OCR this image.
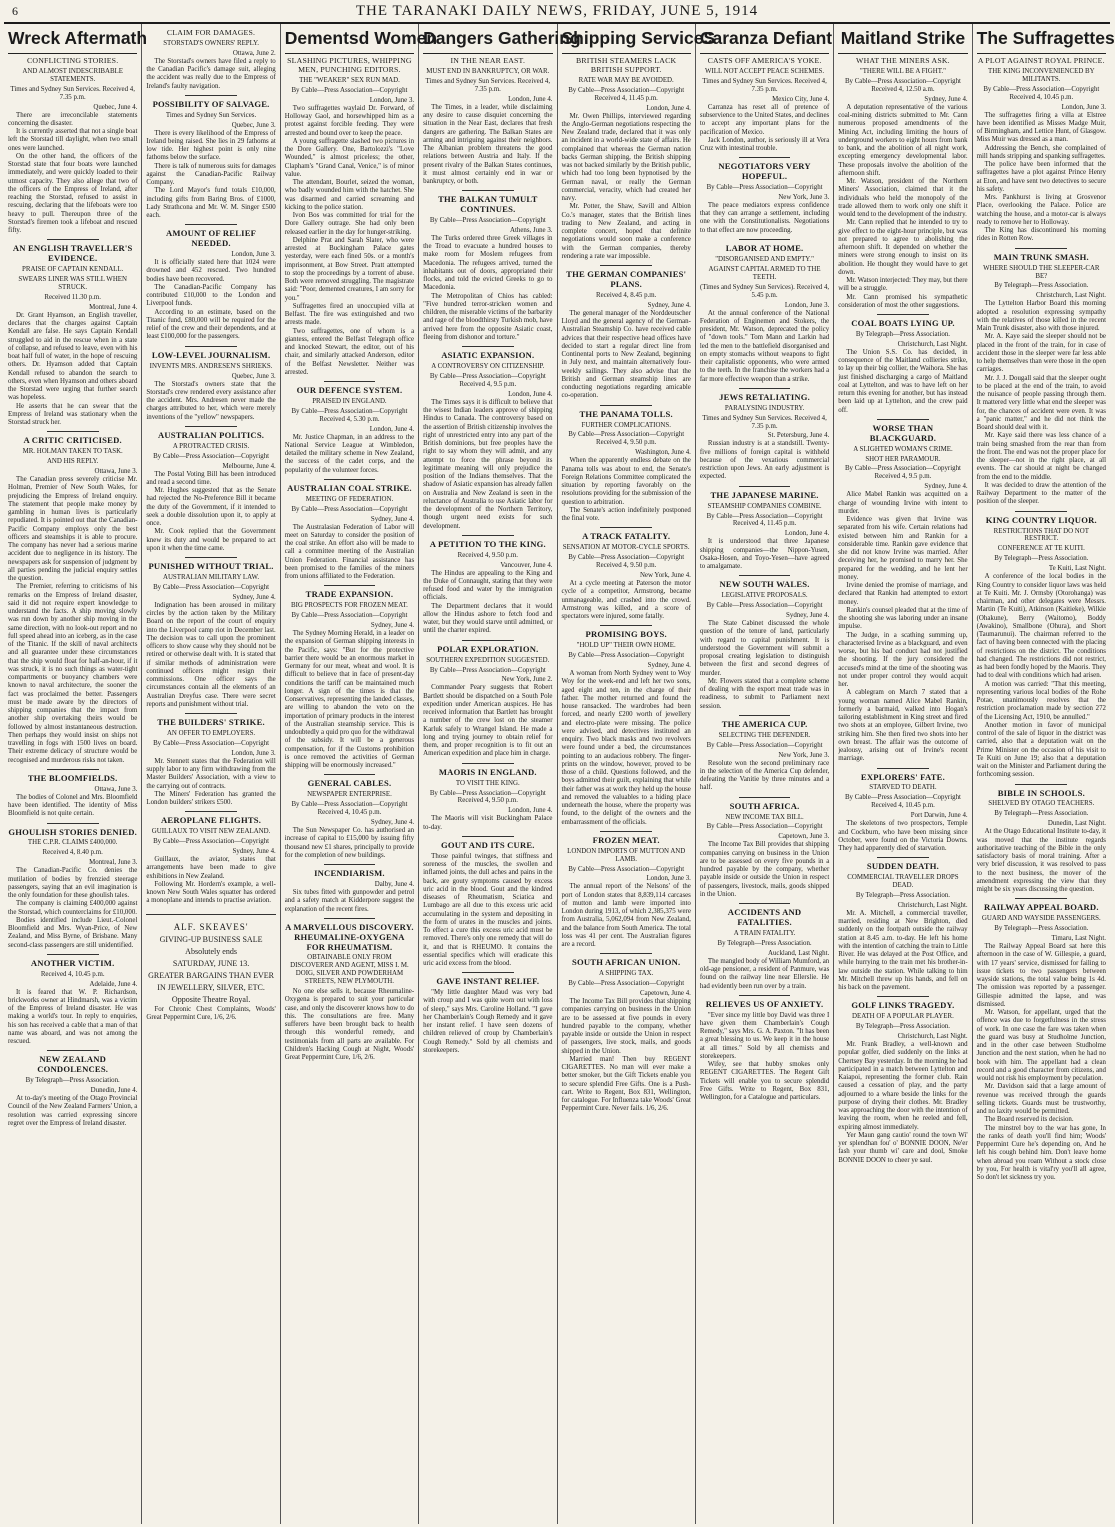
6	THE TARANAKI DAILY NEWS, FRIDAY, JUNE 5, 1914
Wreck Aftermath
CONFLICTING STORIES.
AND ALMOST INDESCRIBABLE STATEMENTS.
Times and Sydney Sun Services. Received 4, 7.35 p.m.
Quebec, June 4.

There are irreconcilable statements concerning the disaster.

It is currently asserted that not a single boat left the Storstad till daylight, when two small ones were launched.

On the other hand, the officers of the Storstad state that four boats were launched immediately, and were quickly loaded to their utmost capacity. They also allege that two of the officers of the Empress of Ireland, after reaching the Storstad, refused to assist in rescuing, declaring that the lifeboats were too heavy to pull. Thereupon three of the Storstad's firemen took a lifeboat and rescued fifty.

AN ENGLISH TRAVELLER'S EVIDENCE.
PRAISE OF CAPTAIN KENDALL.
SWEARS LINER WAS STILL WHEN STRUCK.
Received 11.30 p.m.
Montreal, June 4.

Dr. Grant Hyamson, an English traveller, declares that the charges against Captain Kendall are false. He says Captain Kendall struggled to aid in the rescue when in a state of collapse, and refused to leave, even with his boat half full of water, in the hope of rescuing others. Dr. Hyamson added that Captain Kendall refused to abandon the search to others, even when Hyamson and others aboard the Storstad were urging that further search was hopeless.

He asserts that he can swear that the Empress of Ireland was stationary when the Storstad struck her.

A CRITIC CRITICISED.
MR. HOLMAN TAKEN TO TASK.
AND HIS REPLY.
Ottawa, June 3.

The Canadian press severely criticise Mr. Holman, Premier of New South Wales, for prejudicing the Empress of Ireland enquiry. The statement that people make money by gambling in human lives is particularly repudiated. It is pointed out that the Canadian-Pacific Company employs only the best officers and steamships it is able to procure. The company has never had a serious marine accident due to negligence in its history. The newspapers ask for suspension of judgment by all parties pending the judicial enquiry settles the question.

The Premier, referring to criticisms of his remarks on the Empress of Ireland disaster, said it did not require expert knowledge to understand the facts. A ship moving slowly was run down by another ship moving in the same direction, with no look-out report and no full speed ahead into an iceberg, as in the case of the Titanic. If the skill of naval architects and all guarantee under these circumstances that the ship would float for half-an-hour, if it was struck, it is no such things as water-tight compartments or buoyancy chambers were known to naval architecture, the sooner the fact was proclaimed the better. Passengers must be made aware by the directors of shipping companies that the impact from another ship overtaking theirs would be followed by almost instantaneous destruction. Then perhaps they would insist on ships not travelling in fogs with 1500 lives on board. Their extreme delicacy of structure would be recognised and murderous risks not taken.

THE BLOOMFIELDS.
Ottawa, June 3.

The bodies of Colonel and Mrs. Bloomfield have been identified. The identity of Miss Bloomfield is not quite certain.

GHOULISH STORIES DENIED.
THE C.P.R. CLAIMS £400,000.
Received 4, 8.40 p.m.
Montreal, June 3.

The Canadian-Pacific Co. denies the mutilation of bodies by frenzied steerage passengers, saying that an evil imagination is the only foundation for these ghoulish tales.

The company is claiming £400,000 against the Storstad, which counterclaims for £10,000.

Bodies identified include Lieut.-Colonel Bloomfield and Mrs. Wyan-Price, of New Zealand, and Miss Byrne, of Brisbane. Many second-class passengers are still unidentified.

ANOTHER VICTIM.
Received 4, 10.45 p.m.
Adelaide, June 4.

It is feared that W. P. Richardson, brickworks owner at Hindmarsh, was a victim of the Empress of Ireland disaster. He was making a world's tour. In reply to enquiries, his son has received a cable that a man of that name was aboard, and was not among the rescued.

NEW ZEALAND CONDOLENCES.
By Telegraph—Press Association.
Dunedin, June 4.

At to-day's meeting of the Otago Provincial Council of the New Zealand Farmers' Union, a resolution was carried expressing sincere regret over the Empress of Ireland disaster.

CLAIM FOR DAMAGES.
STORSTAD'S OWNERS' REPLY.
Ottawa, June 2.

The Storstad's owners have filed a reply to the Canadian Pacific's damage suit, alleging the accident was really due to the Empress of Ireland's faulty navigation.

POSSIBILITY OF SALVAGE.
Times and Sydney Sun Services.
Quebec, June 3.

There is every likelihood of the Empress of Ireland being raised. She lies in 29 fathoms at low tide. Her highest point is only nine fathoms below the surface.

There is talk of numerous suits for damages against the Canadian-Pacific Railway Company.

The Lord Mayor's fund totals £10,000, including gifts from Baring Bros. of £1000, Lady Strathcona and Mr. W. M. Singer £500 each.

AMOUNT OF RELIEF NEEDED.
London, June 3.

It is officially stated here that 1024 were drowned and 452 rescued. Two hundred bodies have been recovered.

The Canadian-Pacific Company has contributed £10,000 to the London and Liverpool funds.

According to an estimate, based on the Titanic fund, £80,000 will be required for the relief of the crew and their dependents, and at least £100,000 for the passengers.

LOW-LEVEL JOURNALISM.
INVENTS MRS. ANDRESEN'S SHRIEKS.
Quebec, June 3.

The Storstad's owners state that the Storstad's crew rendered every assistance after the accident. Mrs. Andresen never made the charges attributed to her, which were merely inventions of the "yellow" newspapers.

AUSTRALIAN POLITICS.
A PROTRACTED CRISIS.
By Cable—Press Association—Copyright
Melbourne, June 4.

The Postal Voting Bill has been introduced and read a second time.

Mr. Hughes suggested that as the Senate had rejected the No-Preference Bill it became the duty of the Government, if it intended to seek a double dissolution upon it, to apply at once.

Mr. Cook replied that the Government knew its duty and would be prepared to act upon it when the time came.

PUNISHED WITHOUT TRIAL.
AUSTRALIAN MILITARY LAW.
By Cable—Press Association—Copyright
Sydney, June 4.

Indignation has been aroused in military circles by the action taken by the Military Board on the report of the court of enquiry into the Liverpool camp riot in December last. The decision was to call upon the prominent officers to show cause why they should not be retired or otherwise dealt with. It is stated that if similar methods of administration were continued officers might resign their commissions. One officer says the circumstances contain all the elements of an Australian Dreyfus case. There were secret reports and punishment without trial.

THE BUILDERS' STRIKE.
AN OFFER TO EMPLOYERS.
By Cable—Press Association—Copyright
London, June 3.

Mr. Stennett states that the Federation will supply labor to any firm withdrawing from the Master Builders' Association, with a view to the carrying out of contracts.

The Miners' Federation has granted the London builders' strikers £500.

AEROPLANE FLIGHTS.
GUILLAUX TO VISIT NEW ZEALAND.
By Cable—Press Association—Copyright
Sydney, June 4.

Guillaux, the aviator, states that arrangements have been made to give exhibitions in New Zealand.

Following Mr. Hordern's example, a well-known New South Wales squatter has ordered a monoplane and intends to practise aviation.

ALF. SKEAVES'
GIVING-UP BUSINESS SALE
Absolutely ends
SATURDAY, JUNE 13.
GREATER BARGAINS THAN EVER IN JEWELLERY, SILVER, ETC.
Opposite Theatre Royal.
For Chronic Chest Complaints, Woods' Great Peppermint Cure, 1/6, 2/6.
Dementsd Women
SLASHING PICTURES, WHIPPING MEN, PUNCHING EDITORS.
THE "WEAKER" SEX RUN MAD.
By Cable—Press Association—Copyright
London, June 3.

Two suffragettes waylaid Dr. Forward, of Holloway Gaol, and horsewhipped him as a protest against forcible feeding. They were arrested and bound over to keep the peace.

A young suffragette slashed two pictures in the Dore Gallery. One, Bartolozzi's "Love Wounded," is almost priceless; the other, Clapham's "Grand Canal, Venice," is of minor value.

The attendant, Bourlet, seized the woman, who badly wounded him with the hatchet. She was disarmed and carried screaming and kicking to the police station.

Ivon Bos was committed for trial for the Dore Gallery outrage. She had only been released earlier in the day for hunger-striking.

Delphine Prat and Sarah Slater, who were arrested at Buckingham Palace gates yesterday, were each fined 50s. or a month's imprisonment, at Bow Street. Pratt attempted to stop the proceedings by a torrent of abuse. Both were removed struggling. The magistrate said: "Poor, demented creatures, I am sorry for you."

Suffragettes fired an unoccupied villa at Belfast. The fire was extinguished and two arrests made.

Two suffragettes, one of whom is a giantess, entered the Belfast Telegraph office and knocked Stewart, the editor, out of his chair, and similarly attacked Anderson, editor of the Belfast Newsletter. Neither was arrested.

OUR DEFENCE SYSTEM.
PRAISED IN ENGLAND.
By Cable—Press Association—Copyright Received 4, 5.30 p.m.
London, June 4.

Mr. Justice Chapman, in an address to the National Service League at Wimbledon, detailed the military scheme in New Zealand, the success of the cadet corps, and the popularity of the volunteer forces.

AUSTRALIAN COAL STRIKE.
MEETING OF FEDERATION.
By Cable—Press Association—Copyright
Sydney, June 4.

The Australasian Federation of Labor will meet on Saturday to consider the position of the coal strike. An effort also will be made to call a committee meeting of the Australian Union Federation. Financial assistance has been promised to the families of the miners from unions affiliated to the Federation.

TRADE EXPANSION.
BIG PROSPECTS FOR FROZEN MEAT.
By Cable—Press Association—Copyright
Sydney, June 4.

The Sydney Morning Herald, in a leader on the expansion of German shipping interests in the Pacific, says: "But for the protective barrier there would be an enormous market in Germany for our meat, wheat and wool. It is difficult to believe that in face of present-day conditions the tariff can be maintained much longer. A sign of the times is that the Conservatives, representing the landed classes, are willing to abandon the veto on the importation of primary products in the interest of the Australian steamship service. This is undoubtedly a quid pro quo for the withdrawal of the subsidy. It will be a generous compensation, for if the Customs prohibition is once removed the activities of German shipping will be enormously increased."

GENERAL CABLES.
NEWSPAPER ENTERPRISE.
By Cable—Press Association—Copyright Received 4, 10.45 p.m.
Sydney, June 4.

The Sun Newspaper Co. has authorised an increase of capital to £15,000 by issuing fifty thousand new £1 shares, principally to provide for the completion of new buildings.

INCENDIARISM.
Dalby, June 4.

Six tubes fitted with gunpowder and petrol and a safety match at Kidderpore suggest the explanation of the recent fires.

A MARVELLOUS DISCOVERY. RHEUMALINE-OXYGENA FOR RHEUMATISM.
OBTAINABLE ONLY FROM DISCOVERER AND AGENT, MISS I. M. DOIG, SILVER AND POWDERHAM STREETS, NEW PLYMOUTH.

No one else sells it, because Rheumaline-Oxygena is prepared to suit your particular case, and only the discoverer knows how to do this. The consultations are free. Many sufferers have been brought back to health through this wonderful remedy, and testimonials from all parts are available. For Children's Hacking Cough at Night, Woods' Great Peppermint Cure, 1/6, 2/6.

Dangers Gathering
IN THE NEAR EAST.
MUST END IN BANKRUPTCY, OR WAR.
Times and Sydney Sun Services. Received 4, 7.35 p.m.
London, June 4.

The Times, in a leader, while disclaiming any desire to cause disquiet concerning the situation in the Near East, declares that fresh dangers are gathering. The Balkan States are arming and intriguing against their neighbors. The Albanian problem threatens the good relations between Austria and Italy. If the present rivalry of the Balkan States continues, it must almost certainly end in war or bankruptcy, or both.

THE BALKAN TUMULT CONTINUES.
By Cable—Press Association—Copyright
Athens, June 3.

The Turks ordered three Greek villages in the Troad to evacuate a hundred houses to make room for Moslem refugees from Macedonia. The refugees arrived, turned the inhabitants out of doors, appropriated their flocks, and told the evicted Greeks to go to Macedonia.

The Metropolitan of Chios has cabled: "Five hundred terror-stricken women and children, the miserable victims of the barbarity and rage of the bloodthirsty Turkish mob, have arrived here from the opposite Asiatic coast, fleeing from dishonor and torture."

ASIATIC EXPANSION.
A CONTROVERSY ON CITIZENSHIP.
By Cable—Press Association—Copyright Received 4, 9.5 p.m.
London, June 4.

The Times says it is difficult to believe that the wisest Indian leaders approve of shipping Hindus to Canada. The controversy based on the assertion of British citizenship involves the right of unrestricted entry into any part of the British dominions, but free peoples have the right to say whom they will admit, and any attempt to force the phrase beyond its legitimate meaning will only prejudice the position of the Indians themselves. That the shadow of Asiatic expansion has already fallen on Australia and New Zealand is seen in the reluctance of Australia to use Asiatic labor for the development of the Northern Territory, though urgent need exists for such development.

A PETITION TO THE KING.
Received 4, 9.50 p.m.
Vancouver, June 4.

The Hindus are appealing to the King and the Duke of Connaught, stating that they were refused food and water by the immigration officials.

The Department declares that it would allow the Hindus ashore to fetch food and water, but they would starve until admitted, or until the charter expired.

POLAR EXPLORATION.
SOUTHERN EXPEDITION SUGGESTED.
By Cable—Press Association—Copyright
New York, June 2.

Commander Peary suggests that Robert Bartlett should be dispatched on a South Pole expedition under American auspices. He has received information that Bartlett has brought a number of the crew lost on the steamer Karluk safely to Wrangel Island. He made a long and trying journey to obtain relief for them, and proper recognition is to fit out an American expedition and place him in charge.

MAORIS IN ENGLAND.
TO VISIT THE KING.
By Cable—Press Association—Copyright Received 4, 9.50 p.m.
London, June 4.

The Maoris will visit Buckingham Palace to-day.

GOUT AND ITS CURE.

Those painful twinges, that stiffness and soreness of the muscles, the swollen and inflamed joints, the dull aches and pains in the back, are gouty symptoms caused by excess uric acid in the blood. Gout and the kindred diseases of Rheumatism, Sciatica and Lumbago are all due to this excess uric acid accumulating in the system and depositing in the form of urates in the muscles and joints. To effect a cure this excess uric acid must be removed. There's only one remedy that will do it, and that is RHEUMO. It contains the essential specifics which will eradicate this uric acid excess from the blood.

GAVE INSTANT RELIEF.

"My little daughter Maud was very bad with croup and I was quite worn out with loss of sleep," says Mrs. Caroline Holland. "I gave her Chamberlain's Cough Remedy and it gave her instant relief. I have seen dozens of children relieved of croup by Chamberlain's Cough Remedy." Sold by all chemists and storekeepers.

Shipping ServiceS
BRITISH STEAMERS LACK BRITISH SUPPORT.
RATE WAR MAY BE AVOIDED.
By Cable—Press Association—Copyright Received 4, 11.45 p.m.
London, June 4.

Mr. Owen Phillips, interviewed regarding the Anglo-German negotiations respecting the New Zealand trade, declared that it was only an incident in a world-wide state of affairs. He complained that whereas the German nation backs German shipping, the British shipping was not backed similarly by the British public, which had too long been hypnotised by the German naval, or really the German commercial, veracity, which had created her navy.

Mr. Potter, the Shaw, Savill and Albion Co.'s manager, states that the British lines trading to New Zealand, and acting in complete concert, hoped that definite negotiations would soon make a conference with the German companies, thereby rendering a rate war impossible.

THE GERMAN COMPANIES' PLANS.
Received 4, 8.45 p.m.
Sydney, June 4.

The general manager of the Norddeutscher Lloyd and the general agency of the German-Australian Steamship Co. have received cable advices that their respective head offices have decided to start a regular direct line from Continental ports to New Zealand, beginning in July next, and maintain alternatively four-weekly sailings. They also advise that the British and German steamship lines are conducting negotiations regarding amicable co-operation.

THE PANAMA TOLLS.
FURTHER COMPLICATIONS.
By Cable—Press Association—Copyright Received 4, 9.50 p.m.
Washington, June 4.

When the apparently endless debate on the Panama tolls was about to end, the Senate's Foreign Relations Committee complicated the situation by reporting favorably on the resolutions providing for the submission of the question to arbitration.

The Senate's action indefinitely postponed the final vote.

A TRACK FATALITY.
SENSATION AT MOTOR-CYCLE SPORTS.
By Cable—Press Association—Copyright Received 4, 9.50 p.m.
New York, June 4.

At a cycle meeting at Paterson the motor cycle of a competitor, Armstrong, became unmanageable, and crashed into the crowd. Armstrong was killed, and a score of spectators were injured, some fatally.

PROMISING BOYS.
"HOLD UP" THEIR OWN HOME.
By Cable—Press Association—Copyright
Sydney, June 4.

A woman from North Sydney went to Woy Woy for the week-end and left her two sons, aged eight and ten, in the charge of their father. The mother returned and found the house ransacked. The wardrobes had been forced, and nearly £200 worth of jewellery and electro-plate were missing. The police were advised, and detectives instituted an enquiry. Two black masks and two revolvers were found under a bed, the circumstances pointing to an audacious robbery. The finger-prints on the window, however, proved to be those of a child. Questions followed, and the boys admitted their guilt, explaining that while their father was at work they held up the house and removed the valuables to a hiding place underneath the house, where the property was found, to the delight of the owners and the embarrassment of the officials.

FROZEN MEAT.
LONDON IMPORTS OF MUTTON AND LAMB.
By Cable—Press Association—Copyright
London, June 3.

The annual report of the Nelsons' of the port of London states that 8,839,114 carcases of mutton and lamb were imported into London during 1913, of which 2,385,375 were from Australia, 5,062,094 from New Zealand, and the balance from South America. The total loss was 41 per cent. The Australian figures are a record.

SOUTH AFRICAN UNION.
A SHIPPING TAX.
By Cable—Press Association—Copyright
Capetown, June 4.

The Income Tax Bill provides that shipping companies carrying on business in the Union are to be assessed at five pounds in every hundred payable to the company, whether payable inside or outside the Union in respect of passengers, live stock, mails, and goods shipped in the Union.

Married man! Then buy REGENT CIGARETTES. No man will ever make a better smoker, but the Gift Tickets enable you to secure splendid Free Gifts. One is a Push-cart. Write to Regent, Box 831, Wellington, for catalogue. For Influenza take Woods' Great Peppermint Cure. Never fails. 1/6, 2/6.

Caranza Defiant
CASTS OFF AMERICA'S YOKE.
WILL NOT ACCEPT PEACE SCHEMES.
Times and Sydney Sun Services. Received 4, 7.35 p.m.
Mexico City, June 4.

Carranza has reset all of pretence of subservience to the United States, and declines to accept any important plans for the pacification of Mexico.

Jack London, author, is seriously ill at Vera Cruz with intestinal trouble.

NEGOTIATORS VERY HOPEFUL.
By Cable—Press Association—Copyright
New York, June 3.

The peace mediators express confidence that they can arrange a settlement, including one with the Constitutionalists. Negotiations to that effect are now proceeding.

LABOR AT HOME.
"DISORGANISED AND EMPTY."
AGAINST CAPITAL ARMED TO THE TEETH.
(Times and Sydney Sun Services). Received 4, 5.45 p.m.
London, June 3.

At the annual conference of the National Federation of Enginemen and Stokers, the president, Mr. Watson, deprecated the policy of "down tools." Tom Mann and Larkin had led the men to the battlefield disorganised and on empty stomachs without weapons to fight their capitalistic opponents, who were armed to the teeth. In the franchise the workers had a far more effective weapon than a strike.

JEWS RETALIATING.
PARALYSING INDUSTRY.
Times and Sydney Sun Services. Received 4, 7.35 p.m.
St. Petersburg, June 4.

Russian industry is at a standstill. Twenty-five millions of foreign capital is withheld because of the vexatious commercial restriction upon Jews. An early adjustment is expected.

THE JAPANESE MARINE.
STEAMSHIP COMPANIES COMBINE.
By Cable—Press Association—Copyright Received 4, 11.45 p.m.
London, June 4.

It is understood that three Japanese shipping companies—the Nippon-Yusen, Osaka-Hosen, and Toyo-Yesen—have agreed to amalgamate.

NEW SOUTH WALES.
LEGISLATIVE PROPOSALS.
By Cable—Press Association—Copyright
Sydney, June 4.

The State Cabinet discussed the whole question of the tenure of land, particularly with regard to capital punishment. It is understood the Government will submit a proposal creating legislation to distinguish between the first and second degrees of murder.

Mr. Flowers stated that a complete scheme of dealing with the export meat trade was in readiness, to submit to Parliament next session.

THE AMERICA CUP.
SELECTING THE DEFENDER.
By Cable—Press Association—Copyright
New York, June 3.

Resolute won the second preliminary race in the selection of the America Cup defender, defeating the Vanitie by three minutes and a half.

SOUTH AFRICA.
NEW INCOME TAX BILL.
By Cable—Press Association—Copyright
Capetown, June 3.

The Income Tax Bill provides that shipping companies carrying on business in the Union are to be assessed on every five pounds in a hundred payable by the company, whether payable inside or outside the Union in respect of passengers, livestock, mails, goods shipped in the Union.

ACCIDENTS AND FATALITIES.
A TRAIN FATALITY.
By Telegraph—Press Association.
Auckland, Last Night.

The mangled body of William Mumford, an old-age pensioner, a resident of Panmure, was found on the railway line near Ellerslie. He had evidently been run over by a train.

RELIEVES US OF ANXIETY.

"Ever since my little boy David was three I have given them Chamberlain's Cough Remedy," says Mrs. G. A. Paxton. "It has been a great blessing to us. We keep it in the house at all times." Sold by all chemists and storekeepers.

Wifey, see that hubby smokes only REGENT CIGARETTES. The Regent Gift Tickets will enable you to secure splendid Free Gifts. Write to Regent, Box 831, Wellington, for a Catalogue and particulars.

Maitland Strike
WHAT THE MINERS ASK.
"THERE WILL BE A FIGHT."
By Cable—Press Association—Copyright Received 4, 12.50 a.m.
Sydney, June 4.

A deputation representative of the various coal-mining districts submitted to Mr. Cann numerous proposed amendments of the Mining Act, including limiting the hours of underground workers to eight hours from bank to bank, and the abolition of all night work, excepting emergency developmental labor. These proposals involve the abolition of the afternoon shift.

Mr. Watson, president of the Northern Miners' Association, claimed that it the individuals who held the monopoly of the trade allowed them to work only one shift it would tend to the development of the industry.

Mr. Cann replied that he intended to try to give effect to the eight-hour principle, but was not prepared to agree to abolishing the afternoon shift. It depended on whether the miners were strong enough to insist on its abolition. He thought they would have to get down.

Mr. Watson interjected: They may, but there will be a struggle.

Mr. Cann promised his sympathetic consideration of most the other suggestions.

COAL BOATS LYING UP.
By Telegraph—Press Association.
Christchurch, Last Night.

The Union S.S. Co. has decided, in consequence of the Maitland collieries strike, to lay up their big collier, the Waihora. She has just finished discharging a cargo of Maitland coal at Lyttelton, and was to have left on her return this evening for another, but has instead been laid up at Lyttelton, and the crew paid off.

WORSE THAN BLACKGUARD.
A SLIGHTED WOMAN'S CRIME.
SHOT HER PARAMOUR.
By Cable—Press Association—Copyright Received 4, 9.5 p.m.
Sydney, June 4.

Alice Mabel Rankin was acquitted on a charge of wounding Irvine with intent to murder.

Evidence was given that Irvine was separated from his wife. Certain relations had existed between him and Rankin for a considerable time. Rankin gave evidence that she did not know Irvine was married. After deceiving her, he promised to marry her. She prepared for the wedding, and he lent her money.

Irvine denied the promise of marriage, and declared that Rankin had attempted to extort money.

Rankin's counsel pleaded that at the time of the shooting she was laboring under an insane impulse.

The Judge, in a scathing summing up, characterised Irvine as a blackguard, and even worse, but his bad conduct had not justified the shooting. If the jury considered the accused's mind at the time of the shooting was not under proper control they would acquit her.

A cablegram on March 7 stated that a young woman named Alice Mabel Rankin, formerly a barmaid, walked into Hogan's tailoring establishment in King street and fired two shots at an employee, Gilbert Irvine, two striking him. She then fired two shots into her own breast. The affair was the outcome of jealousy, arising out of Irvine's recent marriage.

EXPLORERS' FATE.
STARVED TO DEATH.
By Cable—Press Association—Copyright Received 4, 10.45 p.m.
Port Darwin, June 4.

The skeletons of two prospectors, Temple and Cockburn, who have been missing since October, were found on the Victoria Downs. They had apparently died of starvation.

SUDDEN DEATH.
COMMERCIAL TRAVELLER DROPS DEAD.
By Telegraph—Press Association.
Christchurch, Last Night.

Mr. A. Mitchell, a commercial traveller, married, residing at New Brighton, died suddenly on the footpath outside the railway station at 8.45 a.m. to-day. He left his home with the intention of catching the train to Little River. He was delayed at the Post Office, and while hurrying to the train met his brother-in-law outside the station. While talking to him Mr. Mitchell threw up his hands, and fell on his back on the pavement.

GOLF LINKS TRAGEDY.
DEATH OF A POPULAR PLAYER.
By Telegraph—Press Association.
Christchurch, Last Night.

Mr. Frank Bradley, a well-known and popular golfer, died suddenly on the links at Chertsey Bay yesterday. In the morning he had participated in a match between Lyttelton and Kaiapoi, representing the former club. Rain caused a cessation of play, and the party adjourned to a whare beside the links for the purpose of drying their clothes. Mr. Bradley was approaching the door with the intention of leaving the room, when he reeled and fell, expiring almost immediately.

Yer Maun gang cautio' round the town Wi' yer splendhan fou' o' BONNIE DOON, Ne'er fash your thumb wi' care and dool, Smoke BONNIE DOON to cheer ye saul.

The Suffragettes
A PLOT AGAINST ROYAL PRINCE.
THE KING INCONVENIENCED BY MILITANTS.
By Cable—Press Association—Copyright Received 4, 10.45 p.m.
London, June 3.

The suffragettes firing a villa at Elstree have been identified as Misses Madge Muir, of Birmingham, and Lettice Hunt, of Glasgow. Miss Muir was dressed as a man.

Addressing the Bench, she complained of mill hands stripping and spanking suffragettes.

The police have been informed that the suffragettes have a plot against Prince Henry at Eton, and have sent two detectives to secure his safety.

Mrs. Pankhurst is living at Grosvenor Place, overlooking the Palace. Police are watching the house, and a motor-car is always ready to remove her to Holloway.

The King has discontinued his morning rides in Rotten Row.

MAIN TRUNK SMASH.
WHERE SHOULD THE SLEEPER-CAR BE?
By Telegraph—Press Association.
Christchurch, Last Night.

The Lyttelton Harbor Board this morning adopted a resolution expressing sympathy with the relatives of those killed in the recent Main Trunk disaster, also with those injured.

Mr. A. Kaye said the sleeper should not be placed in the front of the train, for in case of accident those in the sleeper were far less able to help themselves than were those in the open carriages.

Mr. J. J. Dougall said that the sleeper ought to be placed at the end of the train, to avoid the nuisance of people passing through them. It mattered very little what end the sleeper was for, the chances of accident were even. It was a "panic matter," and he did not think the Board should deal with it.

Mr. Kaye said there was less chance of a train being smashed from the rear than from the front. The end was not the proper place for the sleeper—not in the right place, at all events. The car should at night be changed from the end to the middle.

It was decided to draw the attention of the Railway Department to the matter of the position of the sleeper.

KING COUNTRY LIQUOR.
RESTRICTIONS THAT DO NOT RESTRICT.
CONFERENCE AT TE KUITI.
By Telegraph—Press Association.
Te Kuiti, Last Night.

A conference of the local bodies in the King Country to consider liquor laws was held at Te Kuiti. Mr. J. Ormsby (Otorohanga) was chairman, and other delegates were Messrs. Martin (Te Kuiti), Atkinson (Kaitieke), Wilkie (Ohakune), Berry (Waitomo), Boddy (Awakino), Smallbone (Ohura), and Short (Taumarunui). The chairman referred to the fact of having been connected with the placing of restrictions on the district. The conditions had changed. The restrictions did not restrict, as had been fondly hoped by the Maoris. They had to deal with conditions which had arisen.

A motion was carried: "That this meeting, representing various local bodies of the Rohe Potae, unanimously resolves that the restriction proclamation made by section 272 of the Licensing Act, 1910, be annulled."

Another motion in favor of municipal control of the sale of liquor in the district was carried, also that a deputation wait on the Prime Minister on the occasion of his visit to Te Kuiti on June 19; also that a deputation wait on the Minister and Parliament during the forthcoming session.

BIBLE IN SCHOOLS.
SHELVED BY OTAGO TEACHERS.
By Telegraph—Press Association.
Dunedin, Last Night.

At the Otago Educational Institute to-day, it was moved that the institute regards authoritative teaching of the Bible in the only satisfactory basis of moral training. After a very brief discussion, it was resolved to pass to the next business, the mover of the amendment expressing the view that they might be six years discussing the question.

RAILWAY APPEAL BOARD.
GUARD AND WAYSIDE PASSENGERS.
By Telegraph—Press Association.
Timaru, Last Night.

The Railway Appeal Board sat here this afternoon in the case of W. Gillespie, a guard, with 17 years' service, dismissed for failing to issue tickets to two passengers between wayside stations, the total value being 1s 4d. The omission was reported by a passenger. Gillespie admitted the lapse, and was dismissed.

Mr. Watson, for appellant, urged that the offence was due to forgetfulness in the stress of work. In one case the fare was taken when the guard was busy at Studholme Junction, and in the other case between Studholme Junction and the next station, when he had no book with him. The appellant had a clean record and a good character from citizens, and would not risk his employment by peculation.

Mr. Davidson said that a large amount of revenue was received through the guards selling tickets. Guards must be trustworthy, and no laxity would be permitted.

The Board reserved its decision.

The minstrel boy to the war has gone, In the ranks of death you'll find him; Woods' Peppermint Cure he's depending on, And he left his cough behind him. Don't leave home when abroad you roam Without a stock close by you, For health is vital'ry you'll all agree, So don't let sickness try you.
